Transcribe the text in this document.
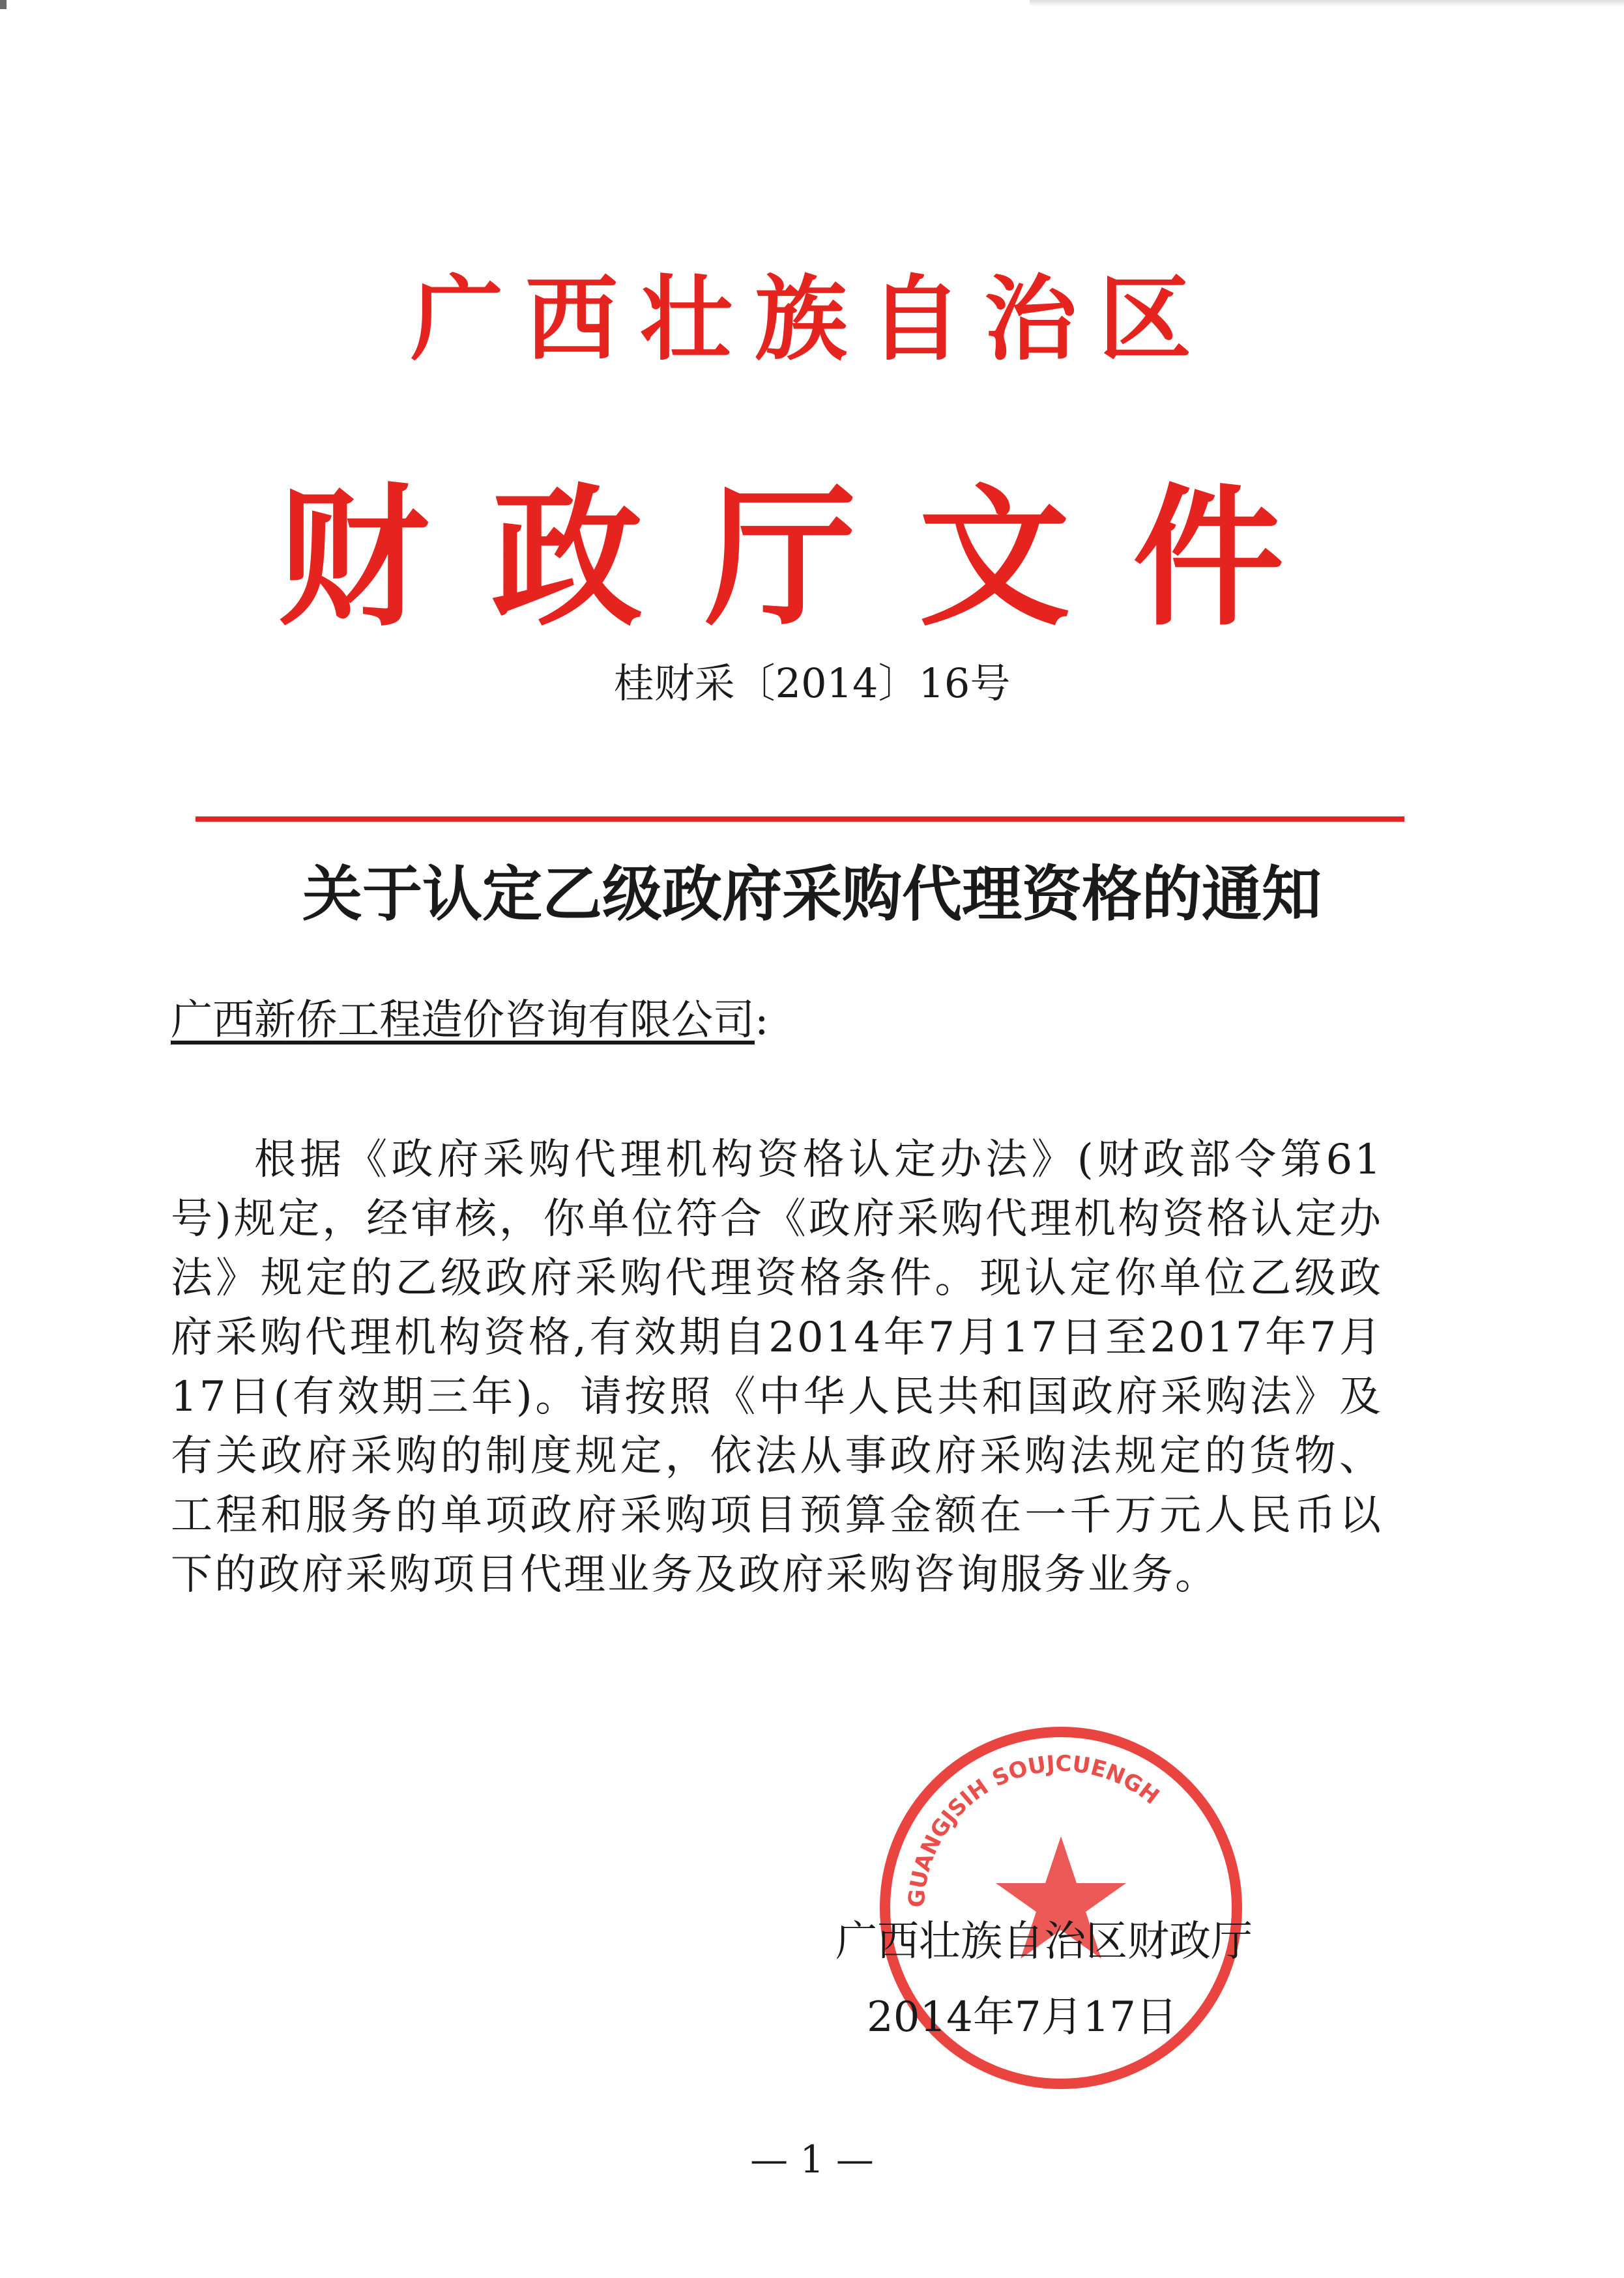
广西壮族自治区
财政厅文件
桂财采〔2014〕16号
关于认定乙级政府采购代理资格的通知
广西新侨工程造价咨询有限公司:

根据《政府采购代理机构资格认定办法》(财政部令第61号)规定，经审核，你单位符合《政府采购代理机构资格认定办法》规定的乙级政府采购代理资格条件。现认定你单位乙级政府采购代理机构资格,有效期自2014年7月17日至2017年7月17日(有效期三年)。请按照《中华人民共和国政府采购法》及有关政府采购的制度规定，依法从事政府采购法规定的货物、工程和服务的单项政府采购项目预算金额在一千万元人民币以下的政府采购项目代理业务及政府采购咨询服务业务。

GUANGJSIH SOUJCUENGH
广西壮族自治区财政厅
2014年7月17日
— 1 —
